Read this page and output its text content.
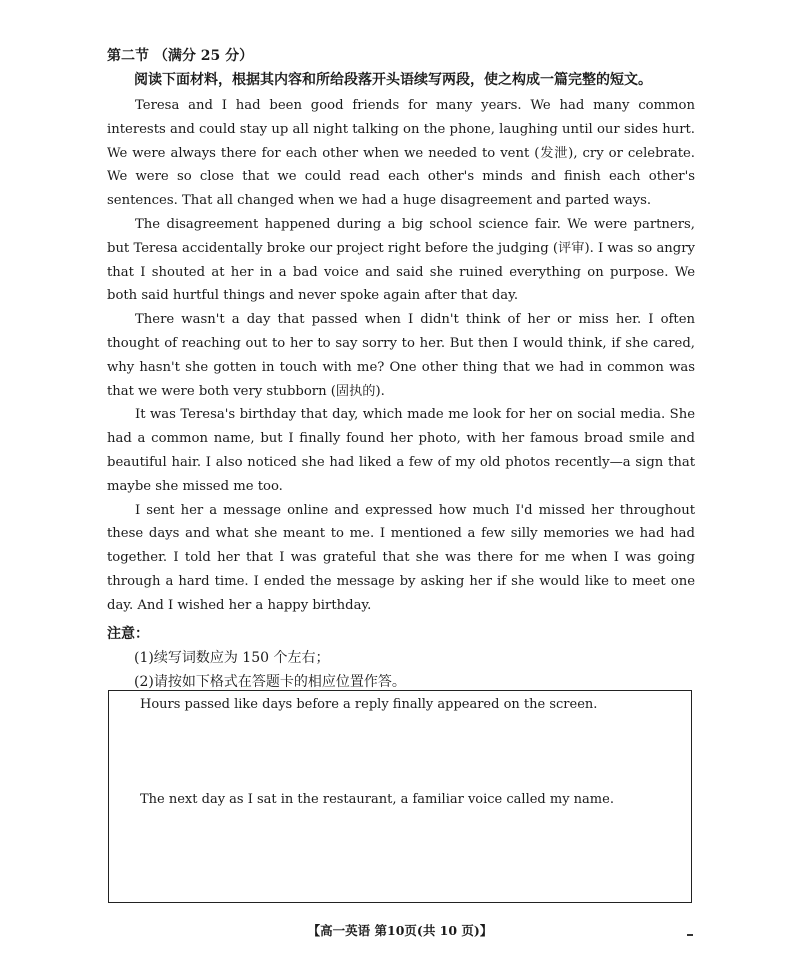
第二节 （满分 25 分）
阅读下面材料，根据其内容和所给段落开头语续写两段，使之构成一篇完整的短文。

Teresa and I had been good friends for many years. We had many common interests and could stay up all night talking on the phone, laughing until our sides hurt. We were always there for each other when we needed to vent (发泄), cry or celebrate. We were so close that we could read each other's minds and finish each other's sentences. That all changed when we had a huge disagreement and parted ways.

The disagreement happened during a big school science fair. We were partners, but Teresa accidentally broke our project right before the judging (评审). I was so angry that I shouted at her in a bad voice and said she ruined everything on purpose. We both said hurtful things and never spoke again after that day.

There wasn't a day that passed when I didn't think of her or miss her. I often thought of reaching out to her to say sorry to her. But then I would think, if she cared, why hasn't she gotten in touch with me? One other thing that we had in common was that we were both very stubborn (固执的).

It was Teresa's birthday that day, which made me look for her on social media. She had a common name, but I finally found her photo, with her famous broad smile and beautiful hair. I also noticed she had liked a few of my old photos recently—a sign that maybe she missed me too.

I sent her a message online and expressed how much I'd missed her throughout these days and what she meant to me. I mentioned a few silly memories we had had together. I told her that I was grateful that she was there for me when I was going through a hard time. I ended the message by asking her if she would like to meet one day. And I wished her a happy birthday.

注意：
(1)续写词数应为 150 个左右；
(2)请按如下格式在答题卡的相应位置作答。
Hours passed like days before a reply finally appeared on the screen.
The next day as I sat in the restaurant, a familiar voice called my name.
【高一英语 第10页(共 10 页)】
